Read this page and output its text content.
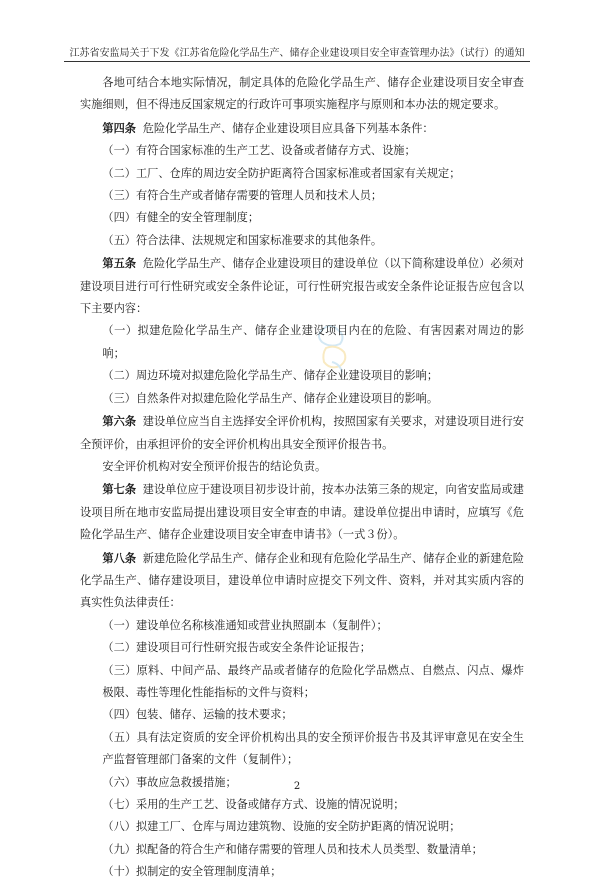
江苏省安监局关于下发《江苏省危险化学品生产、储存企业建设项目安全审查管理办法》（试行）的通知

各地可结合本地实际情况，制定具体的危险化学品生产、储存企业建设项目安全审查实施细则，但不得违反国家规定的行政许可事项实施程序与原则和本办法的规定要求。

第四条 危险化学品生产、储存企业建设项目应具备下列基本条件：

（一）有符合国家标准的生产工艺、设备或者储存方式、设施；

（二）工厂、仓库的周边安全防护距离符合国家标准或者国家有关规定；

（三）有符合生产或者储存需要的管理人员和技术人员；

（四）有健全的安全管理制度；

（五）符合法律、法规规定和国家标准要求的其他条件。

第五条 危险化学品生产、储存企业建设项目的建设单位（以下简称建设单位）必须对建设项目进行可行性研究或安全条件论证，可行性研究报告或安全条件论证报告应包含以下主要内容：

（一）拟建危险化学品生产、储存企业建设项目内在的危险、有害因素对周边的影响；

（二）周边环境对拟建危险化学品生产、储存企业建设项目的影响；

（三）自然条件对拟建危险化学品生产、储存企业建设项目的影响。

第六条 建设单位应当自主选择安全评价机构，按照国家有关要求，对建设项目进行安全预评价，由承担评价的安全评价机构出具安全预评价报告书。

安全评价机构对安全预评价报告的结论负责。

第七条 建设单位应于建设项目初步设计前，按本办法第三条的规定，向省安监局或建设项目所在地市安监局提出建设项目安全审查的申请。建设单位提出申请时，应填写《危险化学品生产、储存企业建设项目安全审查申请书》（一式３份）。

第八条 新建危险化学品生产、储存企业和现有危险化学品生产、储存企业的新建危险化学品生产、储存建设项目，建设单位申请时应提交下列文件、资料，并对其实质内容的真实性负法律责任：

（一）建设单位名称核准通知或营业执照副本（复制件）；

（二）建设项目可行性研究报告或安全条件论证报告；

（三）原料、中间产品、最终产品或者储存的危险化学品燃点、自燃点、闪点、爆炸极限、毒性等理化性能指标的文件与资料；

（四）包装、储存、运输的技术要求；

（五）具有法定资质的安全评价机构出具的安全预评价报告书及其评审意见在安全生产监督管理部门备案的文件（复制件）；

（六）事故应急救援措施；

（七）采用的生产工艺、设备或储存方式、设施的情况说明；

（八）拟建工厂、仓库与周边建筑物、设施的安全防护距离的情况说明；

（九）拟配备的符合生产和储存需要的管理人员和技术人员类型、数量清单；

（十）拟制定的安全管理制度清单；

2
